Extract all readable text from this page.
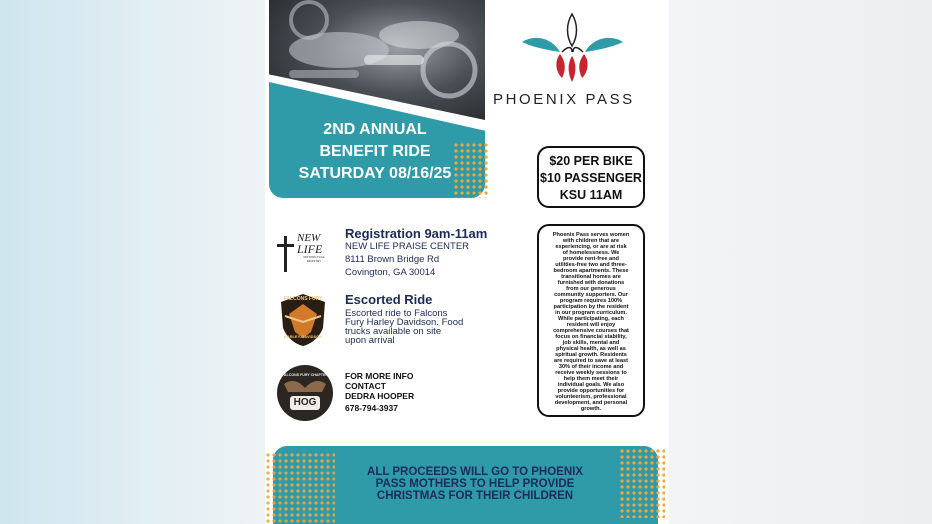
2ND ANNUAL
BENEFIT RIDE
SATURDAY 08/16/25
PHOENIX PASS
$20 PER BIKE
$10 PASSENGER
KSU 11AM
Phoenix Pass serves women
with children that are
experiencing, or are at risk
of homelessness. We
provide rent-free and
utilities-free two and three-
bedroom apartments. These
transitional homes are
furnished with donations
from our generous
community supporters. Our
program requires 100%
participation by the resident
in our program curriculum.
While participating, each
resident will enjoy
comprehensive courses that
focus on financial stability,
job skills, mental and
physical health, as well as
spiritual growth. Residents
are required to save at least
30% of their income and
receive weekly sessions to
help them meet their
individual goals. We also
provide opportunities for
volunteerism, professional
development, and personal
growth.
NEW
LIFE
MOTORCYCLE MINISTRY
Registration 9am-11am
NEW LIFE PRAISE CENTER
8111 Brown Bridge Rd
Covington, GA 30014
FALCONS FURY
HARLEY-DAVIDSON
Escorted Ride
Escorted ride to Falcons
Fury Harley Davidson. Food
trucks available on site
upon arrival
FALCONS FURY CHAPTER
HOG
FOR MORE INFO
CONTACT
DEDRA HOOPER
678-794-3937
ALL PROCEEDS WILL GO TO PHOENIX
PASS MOTHERS TO HELP PROVIDE
CHRISTMAS FOR THEIR CHILDREN
